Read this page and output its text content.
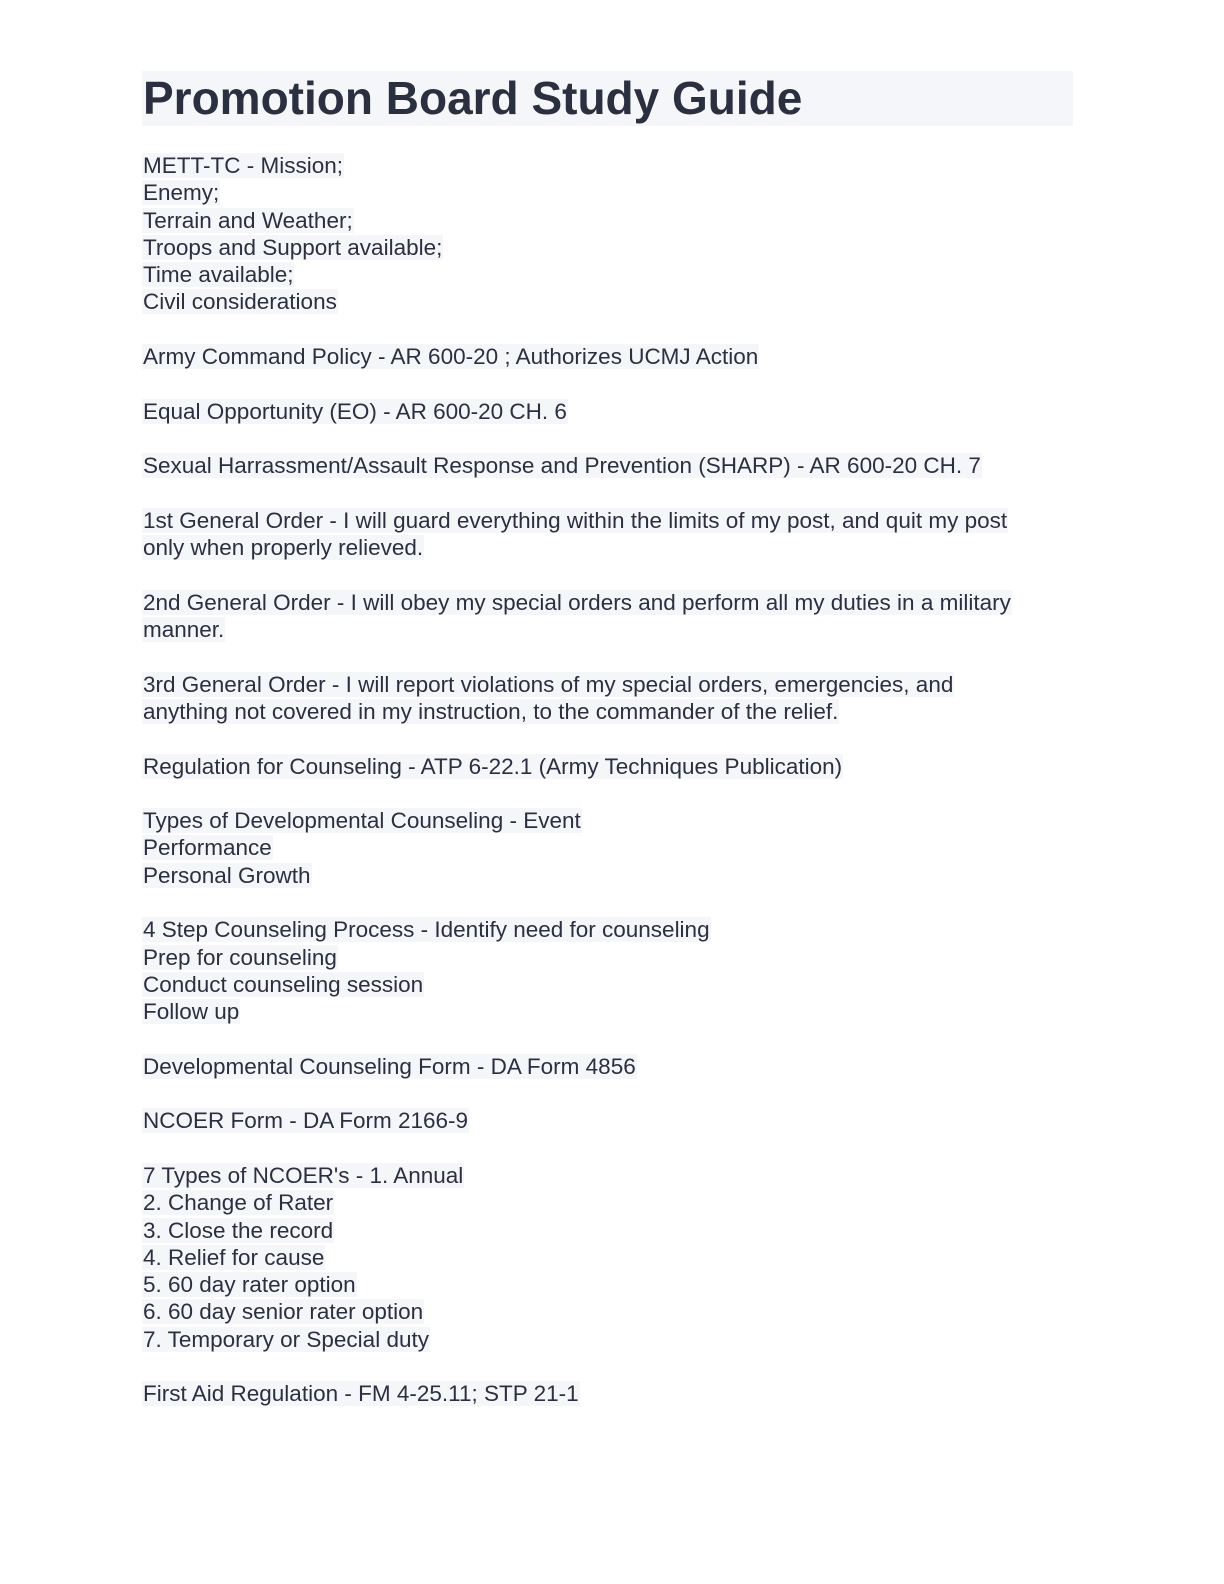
Promotion Board Study Guide
METT-TC - Mission;
Enemy;
Terrain and Weather;
Troops and Support available;
Time available;
Civil considerations
Army Command Policy - AR 600-20 ; Authorizes UCMJ Action
Equal Opportunity (EO) - AR 600-20 CH. 6
Sexual Harrassment/Assault Response and Prevention (SHARP) - AR 600-20 CH. 7
1st General Order - I will guard everything within the limits of my post, and quit my post
only when properly relieved.
2nd General Order - I will obey my special orders and perform all my duties in a military
manner.
3rd General Order - I will report violations of my special orders, emergencies, and
anything not covered in my instruction, to the commander of the relief.
Regulation for Counseling - ATP 6-22.1 (Army Techniques Publication)
Types of Developmental Counseling - Event
Performance
Personal Growth
4 Step Counseling Process - Identify need for counseling
Prep for counseling
Conduct counseling session
Follow up
Developmental Counseling Form - DA Form 4856
NCOER Form - DA Form 2166-9
7 Types of NCOER's - 1. Annual
2. Change of Rater
3. Close the record
4. Relief for cause
5. 60 day rater option
6. 60 day senior rater option
7. Temporary or Special duty
First Aid Regulation - FM 4-25.11; STP 21-1
